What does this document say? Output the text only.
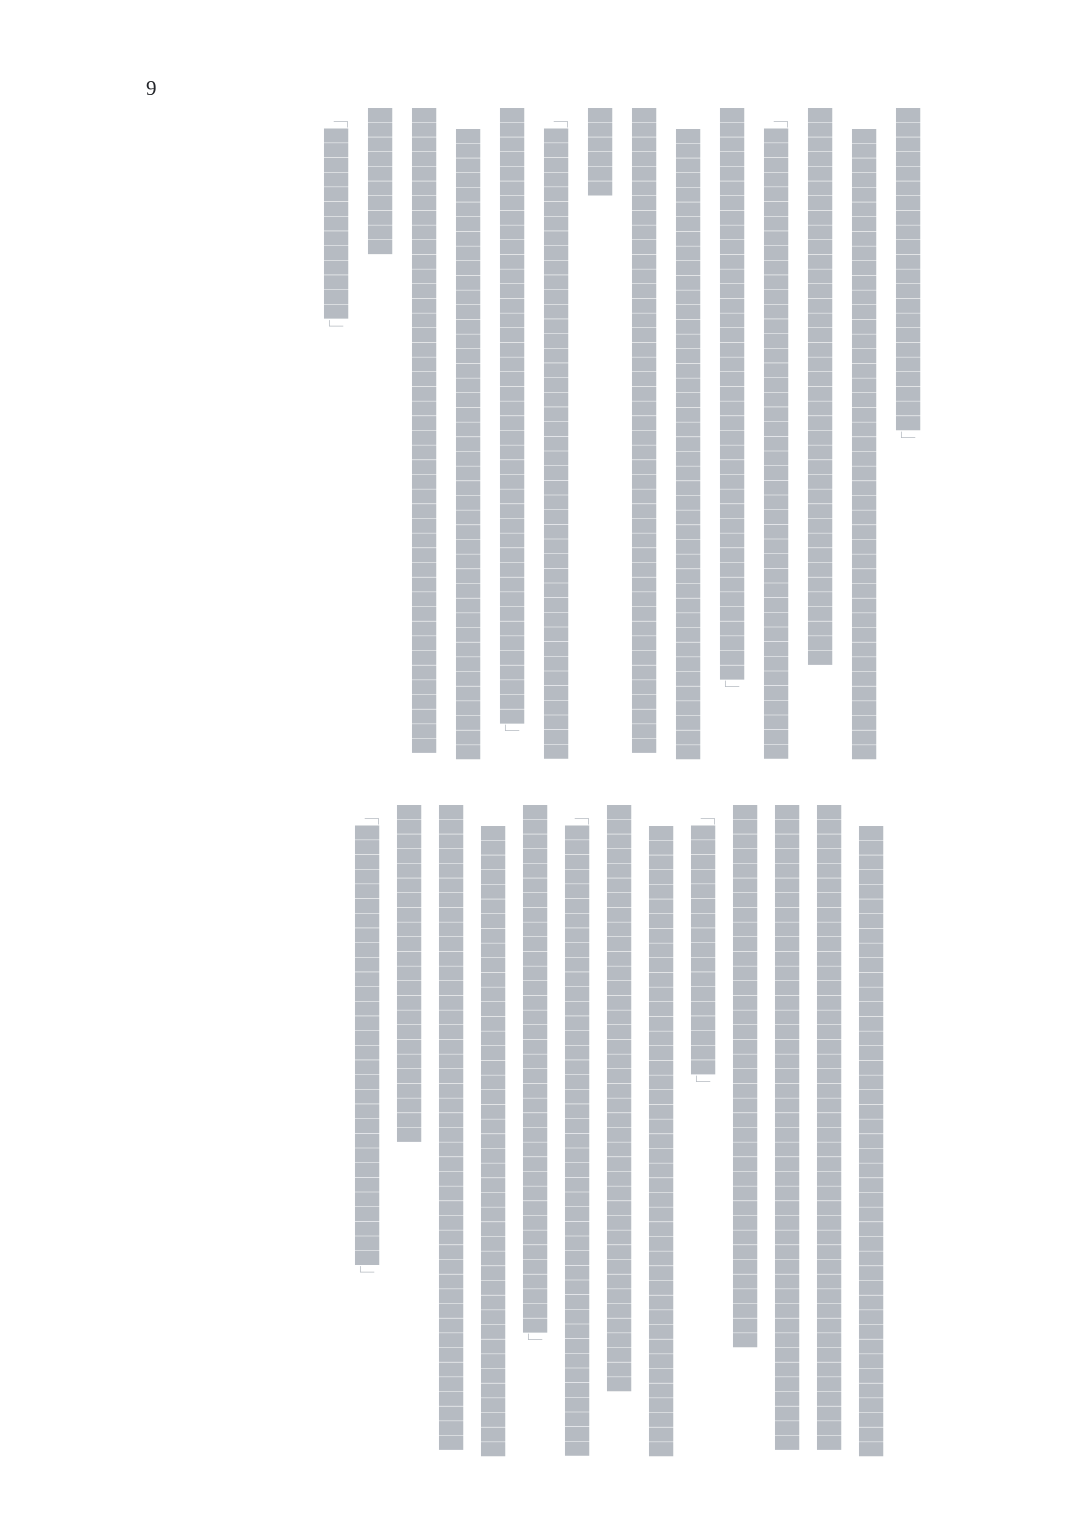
9

██████████████████████」

█████████████████████████████████████████████████████████████████████████████████

「██████████████████████████████████████████████████████████████████████████████████」

█████████████████████████████████████████████████████████████████████████████████████████████

「█████████████████████████████████████████████████████████████████████████████████████」

█████████████████████████████████████████████████████████████████████████████████████████████████

「█████████████」

████████████████████████████████████████████████████████████████████████████████████████████████████████████████████████████████████████████████████████████████████████

「█████████████████」

███████████████████████████████████████████████████████████████████████████████████

「███████████████████████████████████████████████████████████████████████████████」

██████████████████████████████████████████████████████████████████████████████████████████████████████████████

「██████████████████████████████」
